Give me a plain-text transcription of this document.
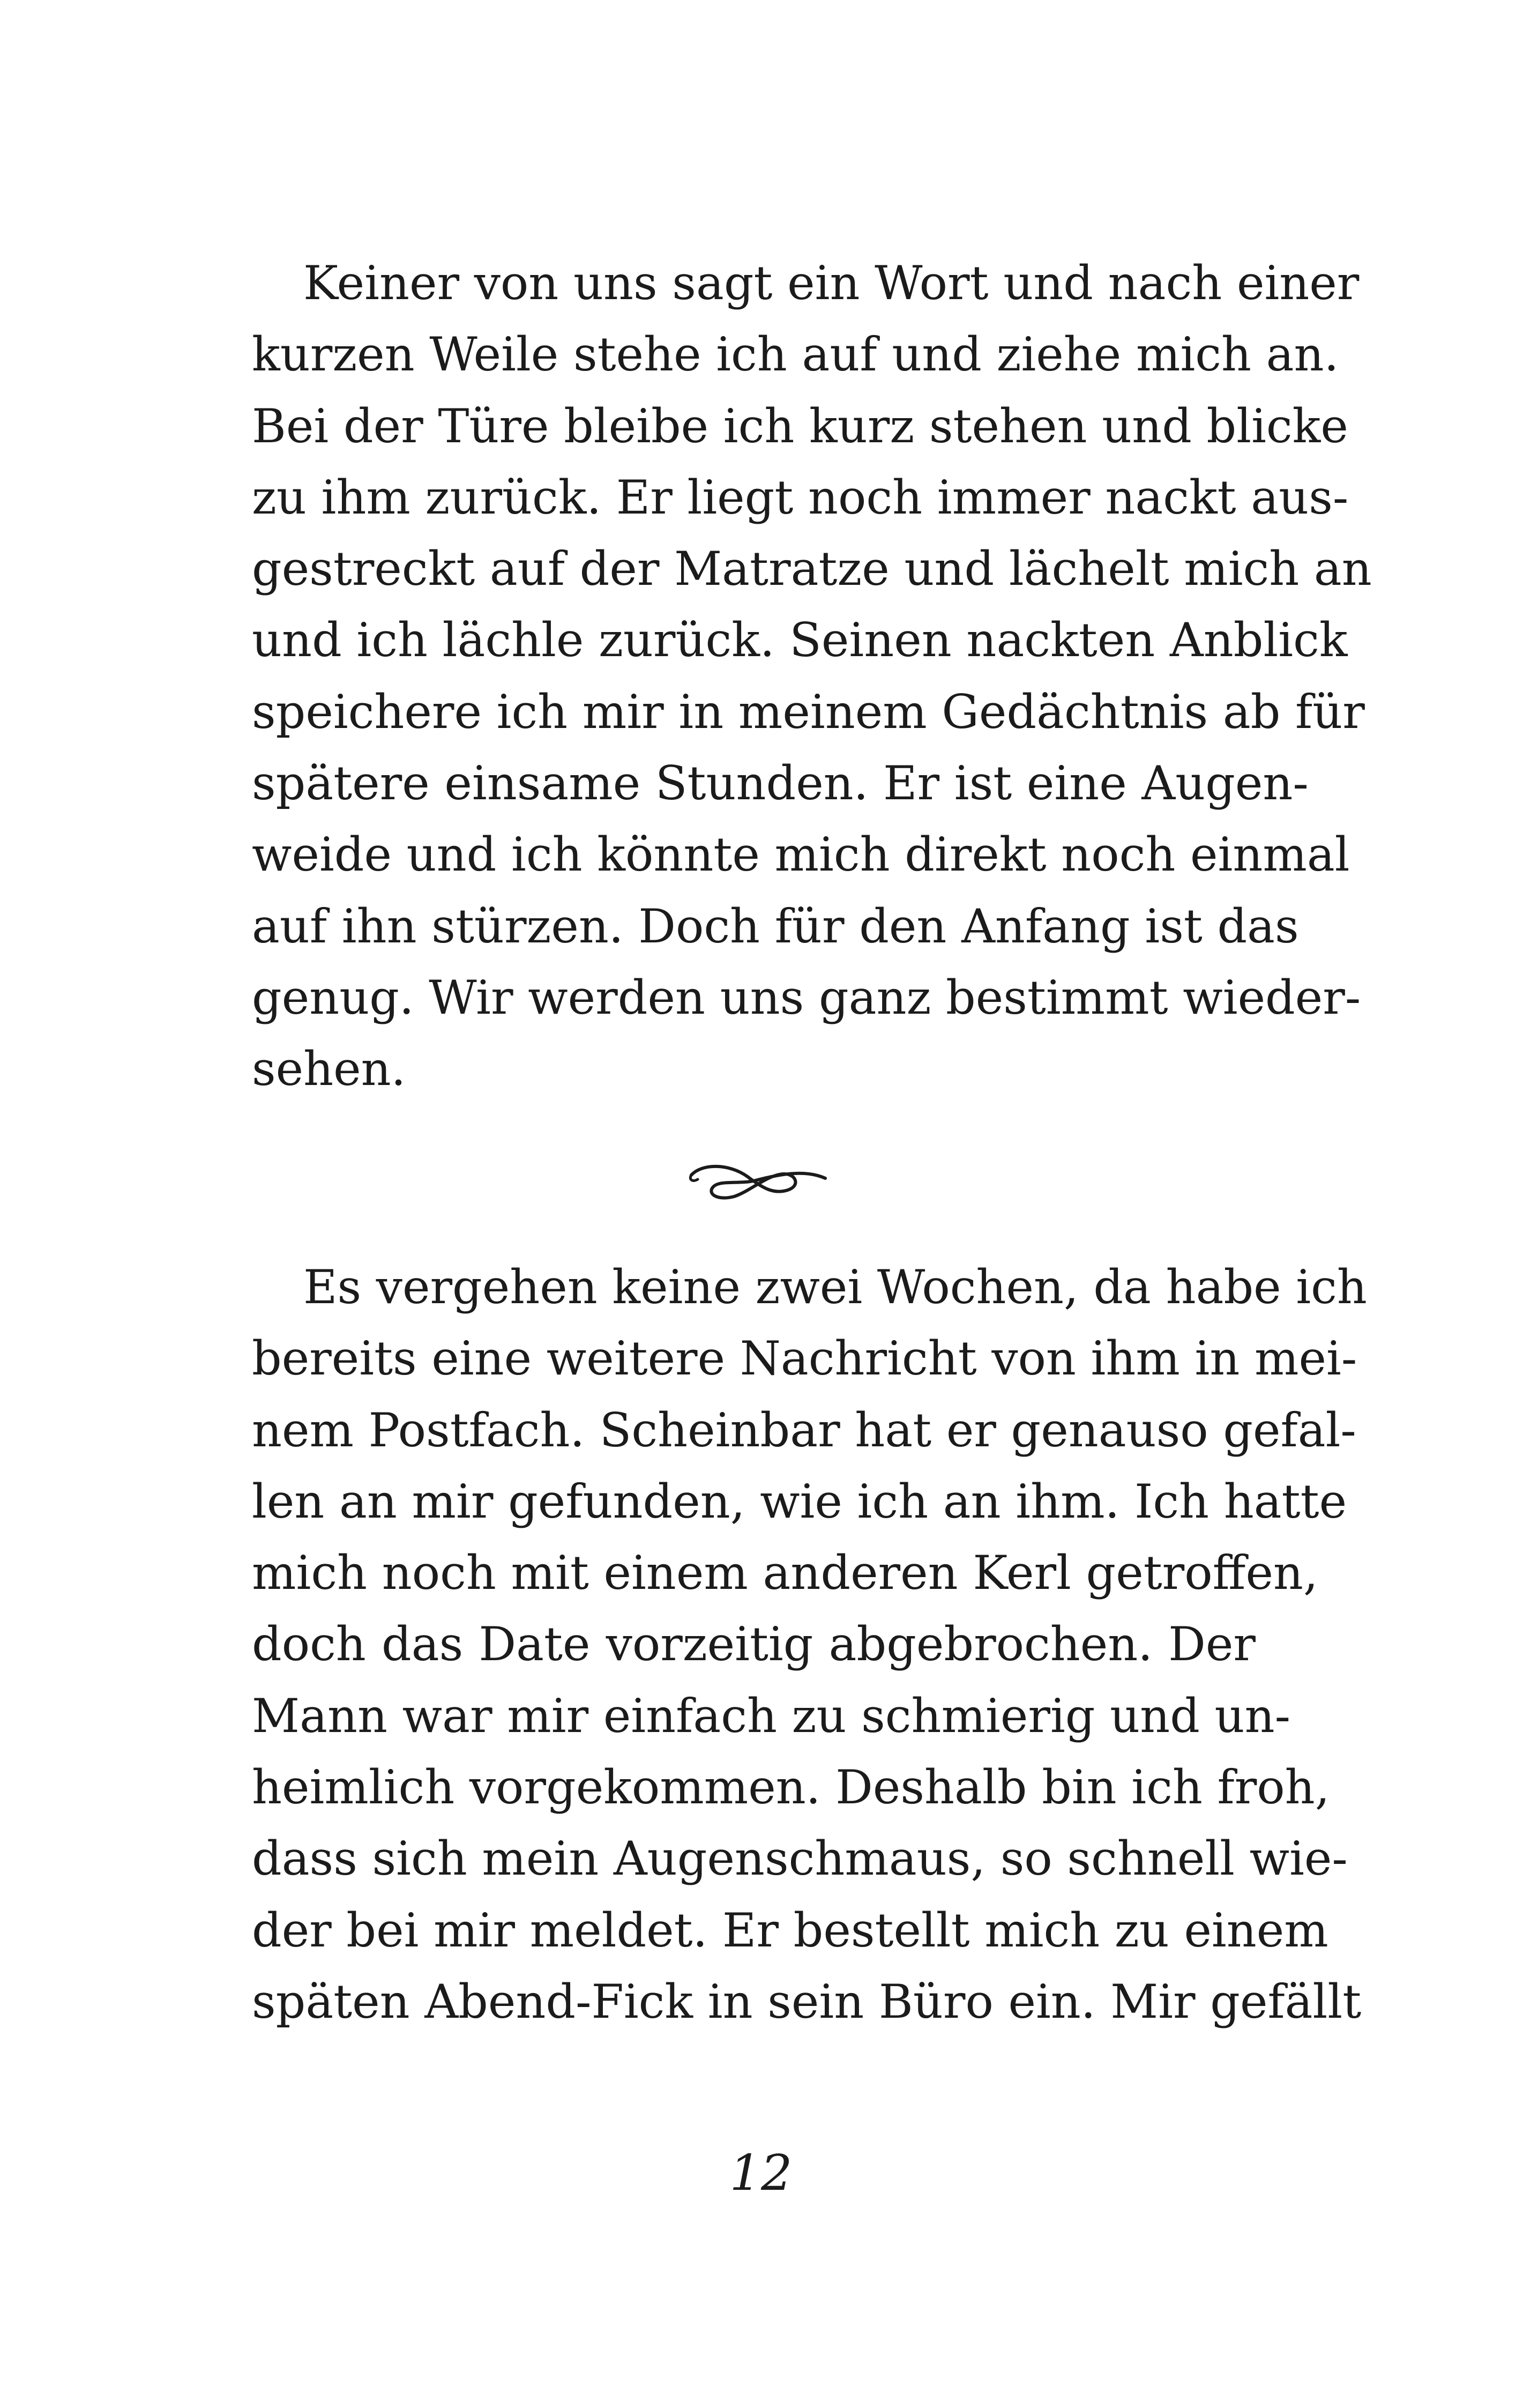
Keiner von uns sagt ein Wort und nach einer
kurzen Weile stehe ich auf und ziehe mich an.
Bei der Türe bleibe ich kurz stehen und blicke
zu ihm zurück. Er liegt noch immer nackt aus-
gestreckt auf der Matratze und lächelt mich an
und ich lächle zurück. Seinen nackten Anblick
speichere ich mir in meinem Gedächtnis ab für
spätere einsame Stunden. Er ist eine Augen-
weide und ich könnte mich direkt noch einmal
auf ihn stürzen. Doch für den Anfang ist das
genug. Wir werden uns ganz bestimmt wieder-
sehen.
Es vergehen keine zwei Wochen, da habe ich
bereits eine weitere Nachricht von ihm in mei-
nem Postfach. Scheinbar hat er genauso gefal-
len an mir gefunden, wie ich an ihm. Ich hatte
mich noch mit einem anderen Kerl getroffen,
doch das Date vorzeitig abgebrochen. Der
Mann war mir einfach zu schmierig und un-
heimlich vorgekommen. Deshalb bin ich froh,
dass sich mein Augenschmaus, so schnell wie-
der bei mir meldet. Er bestellt mich zu einem
späten Abend-Fick in sein Büro ein. Mir gefällt
12
